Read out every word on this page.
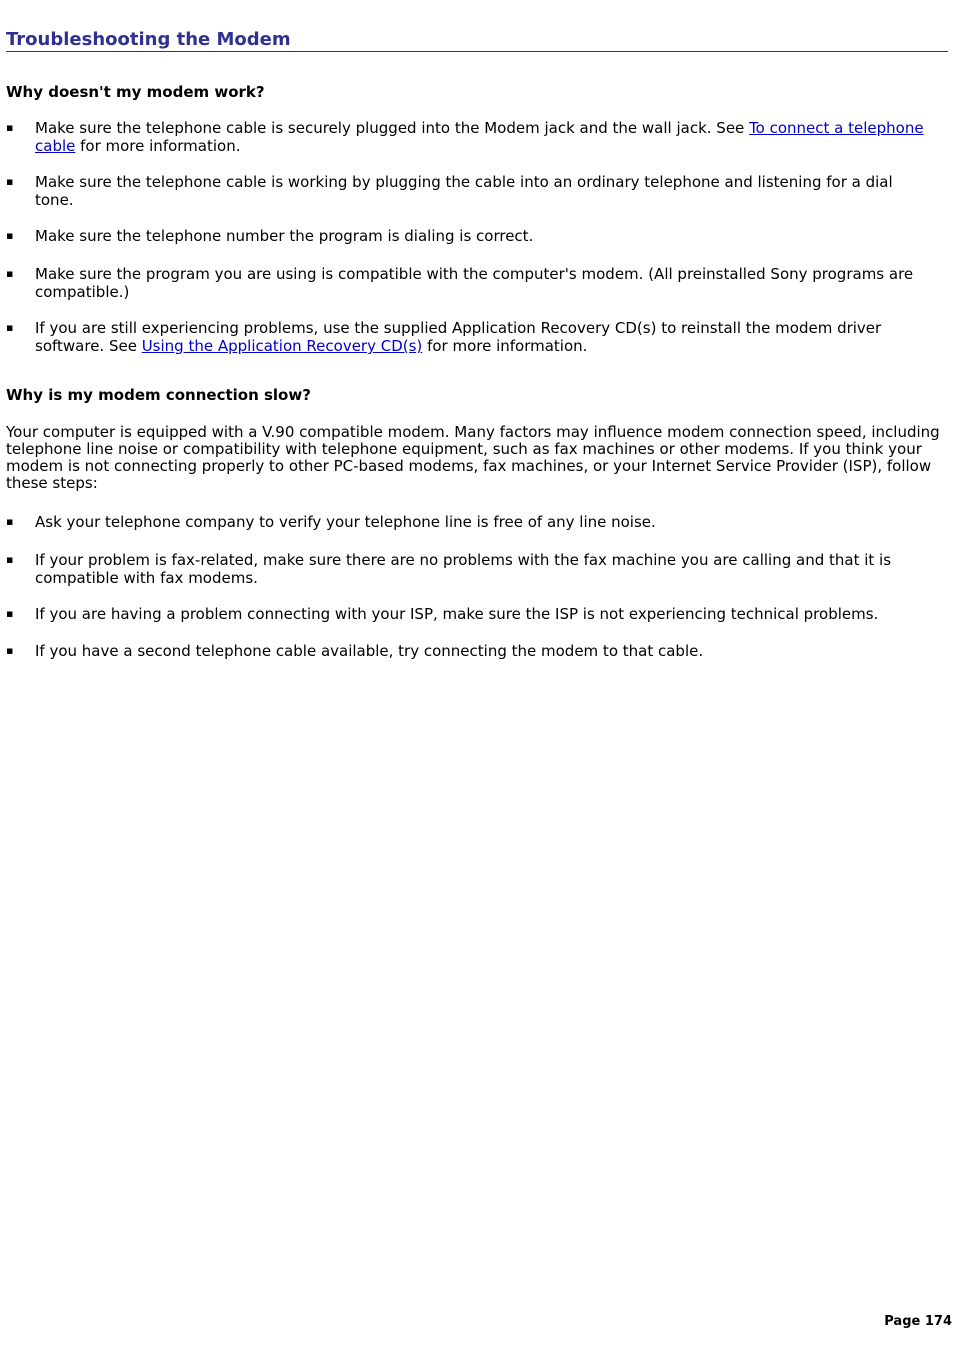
Troubleshooting the Modem
Why doesn't my modem work?
▪ Make sure the telephone cable is securely plugged into the Modem jack and the wall jack. See To connect a telephone cable for more information.
▪ Make sure the telephone cable is working by plugging the cable into an ordinary telephone and listening for a dial tone.
▪ Make sure the telephone number the program is dialing is correct.
▪ Make sure the program you are using is compatible with the computer's modem. (All preinstalled Sony programs are compatible.)
▪ If you are still experiencing problems, use the supplied Application Recovery CD(s) to reinstall the modem driver software. See Using the Application Recovery CD(s) for more information.
Why is my modem connection slow?

Your computer is equipped with a V.90 compatible modem. Many factors may influence modem connection speed, including telephone line noise or compatibility with telephone equipment, such as fax machines or other modems. If you think your modem is not connecting properly to other PC-based modems, fax machines, or your Internet Service Provider (ISP), follow these steps:

▪ Ask your telephone company to verify your telephone line is free of any line noise.
▪ If your problem is fax-related, make sure there are no problems with the fax machine you are calling and that it is compatible with fax modems.
▪ If you are having a problem connecting with your ISP, make sure the ISP is not experiencing technical problems.
▪ If you have a second telephone cable available, try connecting the modem to that cable.
Page 174
